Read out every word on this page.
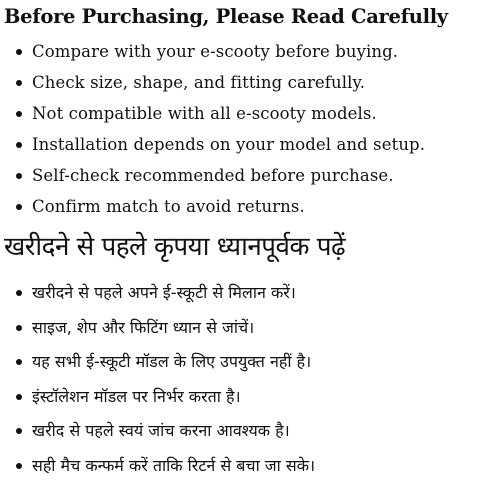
Before Purchasing, Please Read Carefully
Compare with your e-scooty before buying.
Check size, shape, and fitting carefully.
Not compatible with all e-scooty models.
Installation depends on your model and setup.
Self-check recommended before purchase.
Confirm match to avoid returns.
खरीदने से पहले कृपया ध्यानपूर्वक पढ़ें
खरीदने से पहले अपने ई-स्कूटी से मिलान करें।
साइज, शेप और फिटिंग ध्यान से जांचें।
यह सभी ई-स्कूटी मॉडल के लिए उपयुक्त नहीं है।
इंस्टॉलेशन मॉडल पर निर्भर करता है।
खरीद से पहले स्वयं जांच करना आवश्यक है।
सही मैच कन्फर्म करें ताकि रिटर्न से बचा जा सके।
